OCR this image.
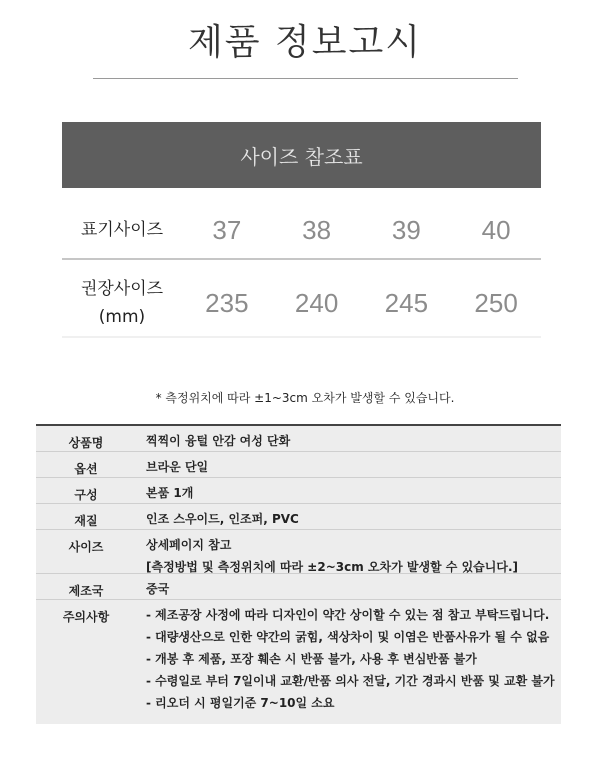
제품 정보고시
사이즈 참조표
표기사이즈	37	38	39	40
권장사이즈
(mm)	235	240	245	250
* 측정위치에 따라 ±1~3cm 오차가 발생할 수 있습니다.
상품명	찍찍이 융털 안감 여성 단화
옵션	브라운 단일
구성	본품 1개
재질	인조 스우이드, 인조퍼, PVC
사이즈	상세페이지 참고
[측정방법 및 측정위치에 따라 ±2~3cm 오차가 발생할 수 있습니다.]
제조국	중국
주의사항	- 제조공장 사정에 따라 디자인이 약간 상이할 수 있는 점 참고 부탁드립니다.
- 대량생산으로 인한 약간의 굵힘, 색상차이 및 이염은 반품사유가 될 수 없음
- 개봉 후 제품, 포장 훼손 시 반품 불가, 사용 후 변심반품 불가
- 수령일로 부터 7일이내 교환/반품 의사 전달, 기간 경과시 반품 및 교환 불가
- 리오더 시 평일기준 7~10일 소요
